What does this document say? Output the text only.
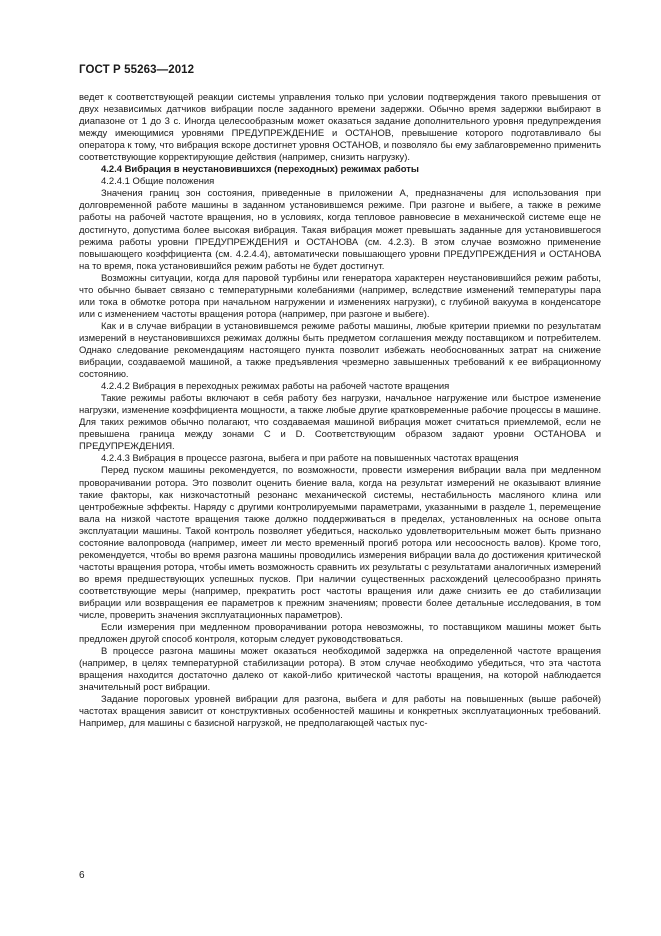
ГОСТ Р 55263—2012

ведет к соответствующей реакции системы управления только при условии подтверждения такого превышения от двух независимых датчиков вибрации после заданного времени задержки. Обычно время задержки выбирают в диапазоне от 1 до 3 с. Иногда целесообразным может оказаться задание дополнительного уровня предупреждения между имеющимися уровнями ПРЕДУПРЕЖДЕНИЕ и ОСТАНОВ, превышение которого подготавливало бы оператора к тому, что вибрация вскоре достигнет уровня ОСТАНОВ, и позволяло бы ему заблаговременно применить соответствующие корректирующие действия (например, снизить нагрузку).

4.2.4 Вибрация в неустановившихся (переходных) режимах работы

4.2.4.1 Общие положения

Значения границ зон состояния, приведенные в приложении А, предназначены для использования при долговременной работе машины в заданном установившемся режиме. При разгоне и выбеге, а также в режиме работы на рабочей частоте вращения, но в условиях, когда тепловое равновесие в механической системе еще не достигнуто, допустима более высокая вибрация. Такая вибрация может превышать заданные для установившегося режима работы уровни ПРЕДУПРЕЖДЕНИЯ и ОСТАНОВА (см. 4.2.3). В этом случае возможно применение повышающего коэффициента (см. 4.2.4.4), автоматически повышающего уровни ПРЕДУПРЕЖДЕНИЯ и ОСТАНОВА на то время, пока установившийся режим работы не будет достигнут.

Возможны ситуации, когда для паровой турбины или генератора характерен неустановившийся режим работы, что обычно бывает связано с температурными колебаниями (например, вследствие изменений температуры пара или тока в обмотке ротора при начальном нагружении и изменениях нагрузки), с глубиной вакуума в конденсаторе или с изменением частоты вращения ротора (например, при разгоне и выбеге).

Как и в случае вибрации в установившемся режиме работы машины, любые критерии приемки по результатам измерений в неустановившихся режимах должны быть предметом соглашения между поставщиком и потребителем. Однако следование рекомендациям настоящего пункта позволит избежать необоснованных затрат на снижение вибрации, создаваемой машиной, а также предъявления чрезмерно завышенных требований к ее вибрационному состоянию.

4.2.4.2 Вибрация в переходных режимах работы на рабочей частоте вращения

Такие режимы работы включают в себя работу без нагрузки, начальное нагружение или быстрое изменение нагрузки, изменение коэффициента мощности, а также любые другие кратковременные рабочие процессы в машине. Для таких режимов обычно полагают, что создаваемая машиной вибрация может считаться приемлемой, если не превышена граница между зонами С и D. Соответствующим образом задают уровни ОСТАНОВА и ПРЕДУПРЕЖДЕНИЯ.

4.2.4.3 Вибрация в процессе разгона, выбега и при работе на повышенных частотах вращения

Перед пуском машины рекомендуется, по возможности, провести измерения вибрации вала при медленном проворачивании ротора. Это позволит оценить биение вала, когда на результат измерений не оказывают влияние такие факторы, как низкочастотный резонанс механической системы, нестабильность масляного клина или центробежные эффекты. Наряду с другими контролируемыми параметрами, указанными в разделе 1, перемещение вала на низкой частоте вращения также должно поддерживаться в пределах, установленных на основе опыта эксплуатации машины. Такой контроль позволяет убедиться, насколько удовлетворительным может быть признано состояние валопровода (например, имеет ли место временный прогиб ротора или несоосность валов). Кроме того, рекомендуется, чтобы во время разгона машины проводились измерения вибрации вала до достижения критической частоты вращения ротора, чтобы иметь возможность сравнить их результаты с результатами аналогичных измерений во время предшествующих успешных пусков. При наличии существенных расхождений целесообразно принять соответствующие меры (например, прекратить рост частоты вращения или даже снизить ее до стабилизации вибрации или возвращения ее параметров к прежним значениям; провести более детальные исследования, в том числе, проверить значения эксплуатационных параметров).

Если измерения при медленном проворачивании ротора невозможны, то поставщиком машины может быть предложен другой способ контроля, которым следует руководствоваться.

В процессе разгона машины может оказаться необходимой задержка на определенной частоте вращения (например, в целях температурной стабилизации ротора). В этом случае необходимо убедиться, что эта частота вращения находится достаточно далеко от какой-либо критической частоты вращения, на которой наблюдается значительный рост вибрации.

Задание пороговых уровней вибрации для разгона, выбега и для работы на повышенных (выше рабочей) частотах вращения зависит от конструктивных особенностей машины и конкретных эксплуатационных требований. Например, для машины с базисной нагрузкой, не предполагающей частых пус-

6
